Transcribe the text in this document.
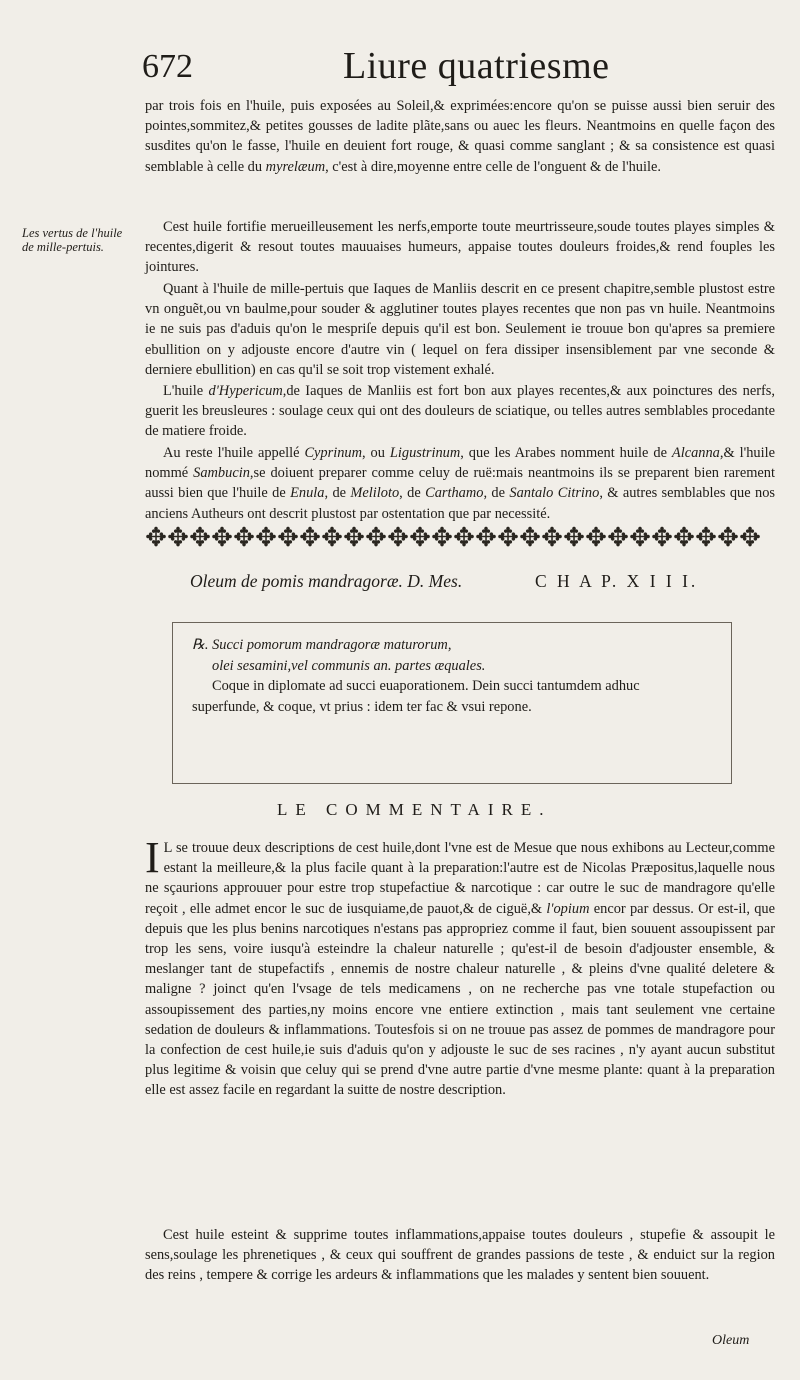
672	Liure quatriesme

par trois fois en l'huile, puis exposées au Soleil,& exprimées:encore qu'on se puisse aussi bien seruir des pointes,sommitez,& petites gousses de ladite plãte,sans ou auec les fleurs. Neantmoins en quelle façon des susdites qu'on le fasse, l'huile en deuient fort rouge, & quasi comme sanglant ; & sa consistence est quasi semblable à celle du myrelæum, c'est à dire,moyenne entre celle de l'onguent & de l'huile.

Les vertus de l'huile de mille-pertuis.

Cest huile fortifie merueilleusement les nerfs,emporte toute meurtrisseure,soude toutes playes simples & recentes,digerit & resout toutes mauuaises humeurs, appaise toutes douleurs froides,& rend fouples les jointures.

Quant à l'huile de mille-pertuis que Iaques de Manliis descrit en ce present chapitre,semble plustost estre vn onguẽt,ou vn baulme,pour souder & agglutiner toutes playes recentes que non pas vn huile. Neantmoins ie ne suis pas d'aduis qu'on le mespriſe depuis qu'il est bon. Seulement ie trouue bon qu'apres sa premiere ebullition on y adjouste encore d'autre vin ( lequel on fera dissiper insensiblement par vne seconde & derniere ebullition) en cas qu'il se soit trop vistement exhalé.

L'huile d'Hypericum,de Iaques de Manliis est fort bon aux playes recentes,& aux poinctures des nerfs, guerit les breusleures : soulage ceux qui ont des douleurs de sciatique, ou telles autres semblables procedante de matiere froide.

Au reste l'huile appellé Cyprinum, ou Ligustrinum, que les Arabes nomment huile de Alcanna,& l'huile nommé Sambucin,se doiuent preparer comme celuy de ruë:mais neantmoins ils se preparent bien rarement aussi bien que l'huile de Enula, de Meliloto, de Carthamo, de Santalo Citrino, & autres semblables que nos anciens Autheurs ont descrit plustost par ostentation que par necessité.

✥✥✥✥✥✥✥✥✥✥✥✥✥✥✥✥✥✥✥✥✥✥✥✥✥✥✥✥
Oleum de pomis mandragoræ. D. Mes.	C H A P. X I I I.

℞. Succi pomorum mandragoræ maturorum,

olei sesamini,vel communis an. partes æquales.

Coque in diplomate ad succi euaporationem. Dein succi tantumdem adhuc superfunde, & coque, vt prius : idem ter fac & vsui repone.

LE COMMENTAIRE.

I L se trouue deux descriptions de cest huile,dont l'vne est de Mesue que nous exhibons au Lecteur,comme estant la meilleure,& la plus facile quant à la preparation:l'autre est de Nicolas Præpositus,laquelle nous ne sçaurions approuuer pour estre trop stupefactiue & narcotique : car outre le suc de mandragore qu'elle reçoit , elle admet encor le suc de iusquiame,de pauot,& de ciguë,& l'opium encor par dessus. Or est-il, que depuis que les plus benins narcotiques n'estans pas appropriez comme il faut, bien souuent assoupissent par trop les sens, voire iusqu'à esteindre la chaleur naturelle ; qu'est-il de besoin d'adjouster ensemble, & meslanger tant de stupefactifs , ennemis de nostre chaleur naturelle , & pleins d'vne qualité deletere & maligne ? joinct qu'en l'vsage de tels medicamens , on ne recherche pas vne totale stupefaction ou assoupissement des parties,ny moins encore vne entiere extinction , mais tant seulement vne certaine sedation de douleurs & inflammations. Toutesfois si on ne trouue pas assez de pommes de mandragore pour la confection de cest huile,ie suis d'aduis qu'on y adjouste le suc de ses racines , n'y ayant aucun substitut plus legitime & voisin que celuy qui se prend d'vne autre partie d'vne mesme plante: quant à la preparation elle est assez facile en regardant la suitte de nostre description.

Cest huile esteint & supprime toutes inflammations,appaise toutes douleurs , stupefie & assoupit le sens,soulage les phrenetiques , & ceux qui souffrent de grandes passions de teste , & enduict sur la region des reins , tempere & corrige les ardeurs & inflammations que les malades y sentent bien souuent.

Oleum
